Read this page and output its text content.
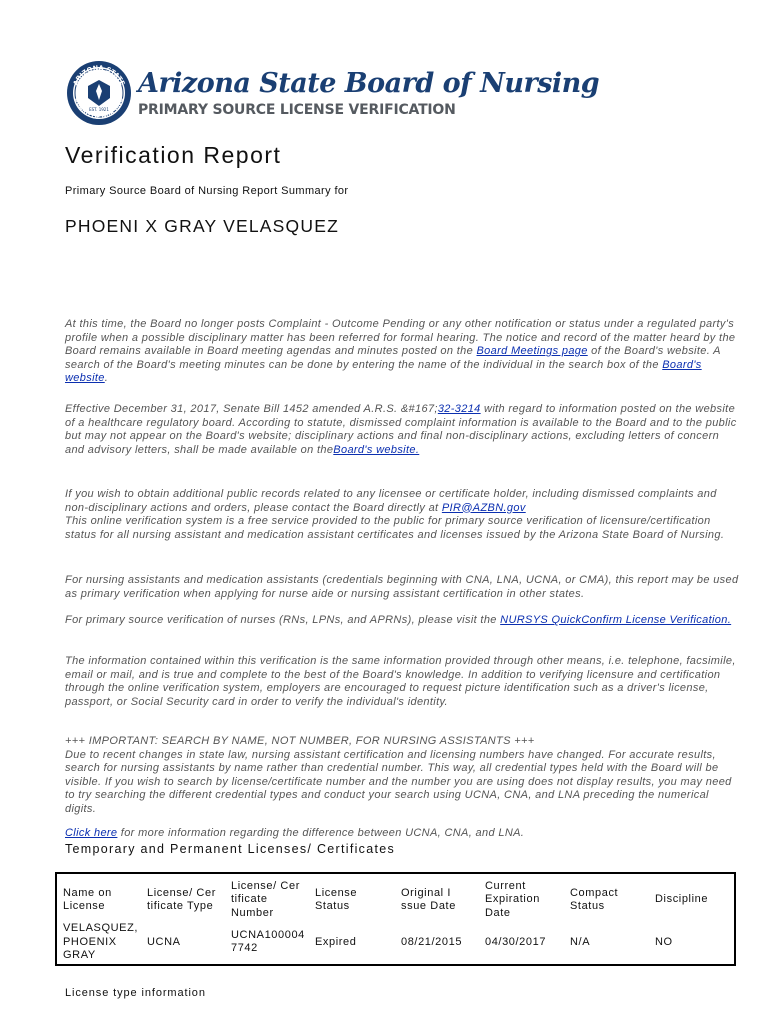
ARIZONA STATE
BOARD OF NURSING
EST. 1921
Arizona State Board of Nursing
PRIMARY SOURCE LICENSE VERIFICATION
Verification Report
Primary Source Board of Nursing Report Summary for
PHOENI X GRAY VELASQUEZ

At this time, the Board no longer posts Complaint - Outcome Pending or any other notification or status under a regulated party's profile when a possible disciplinary matter has been referred for formal hearing. The notice and record of the matter heard by the Board remains available in Board meeting agendas and minutes posted on the Board Meetings page of the Board's website. A search of the Board's meeting minutes can be done by entering the name of the individual in the search box of the Board's website.

Effective December 31, 2017, Senate Bill 1452 amended A.R.S. &#167;32-3214 with regard to information posted on the website of a healthcare regulatory board. According to statute, dismissed complaint information is available to the Board and to the public but may not appear on the Board's website; disciplinary actions and final non-disciplinary actions, excluding letters of concern and advisory letters, shall be made available on theBoard's website.

If you wish to obtain additional public records related to any licensee or certificate holder, including dismissed complaints and non-disciplinary actions and orders, please contact the Board directly at PIR@AZBN.gov
This online verification system is a free service provided to the public for primary source verification of licensure/certification status for all nursing assistant and medication assistant certificates and licenses issued by the Arizona State Board of Nursing.

For nursing assistants and medication assistants (credentials beginning with CNA, LNA, UCNA, or CMA), this report may be used as primary verification when applying for nurse aide or nursing assistant certification in other states.

For primary source verification of nurses (RNs, LPNs, and APRNs), please visit the NURSYS QuickConfirm License Verification.

The information contained within this verification is the same information provided through other means, i.e. telephone, facsimile, email or mail, and is true and complete to the best of the Board's knowledge. In addition to verifying licensure and certification through the online verification system, employers are encouraged to request picture identification such as a driver's license, passport, or Social Security card in order to verify the individual's identity.

+++ IMPORTANT: SEARCH BY NAME, NOT NUMBER, FOR NURSING ASSISTANTS +++
Due to recent changes in state law, nursing assistant certification and licensing numbers have changed. For accurate results, search for nursing assistants by name rather than credential number. This way, all credential types held with the Board will be visible. If you wish to search by license/certificate number and the number you are using does not display results, you may need to try searching the different credential types and conduct your search using UCNA, CNA, and LNA preceding the numerical digits.

Click here for more information regarding the difference between UCNA, CNA, and LNA.

Temporary and Permanent Licenses/ Certificates
Name on License	License/ Cer tificate Type	License/ Cer tificate Number	License Status	Original I ssue Date	Current Expiration Date	Compact Status	Discipline
VELASQUEZ, PHOENIX GRAY	UCNA	UCNA100004 7742	Expired	08/21/2015	04/30/2017	N/A	NO
License type information
